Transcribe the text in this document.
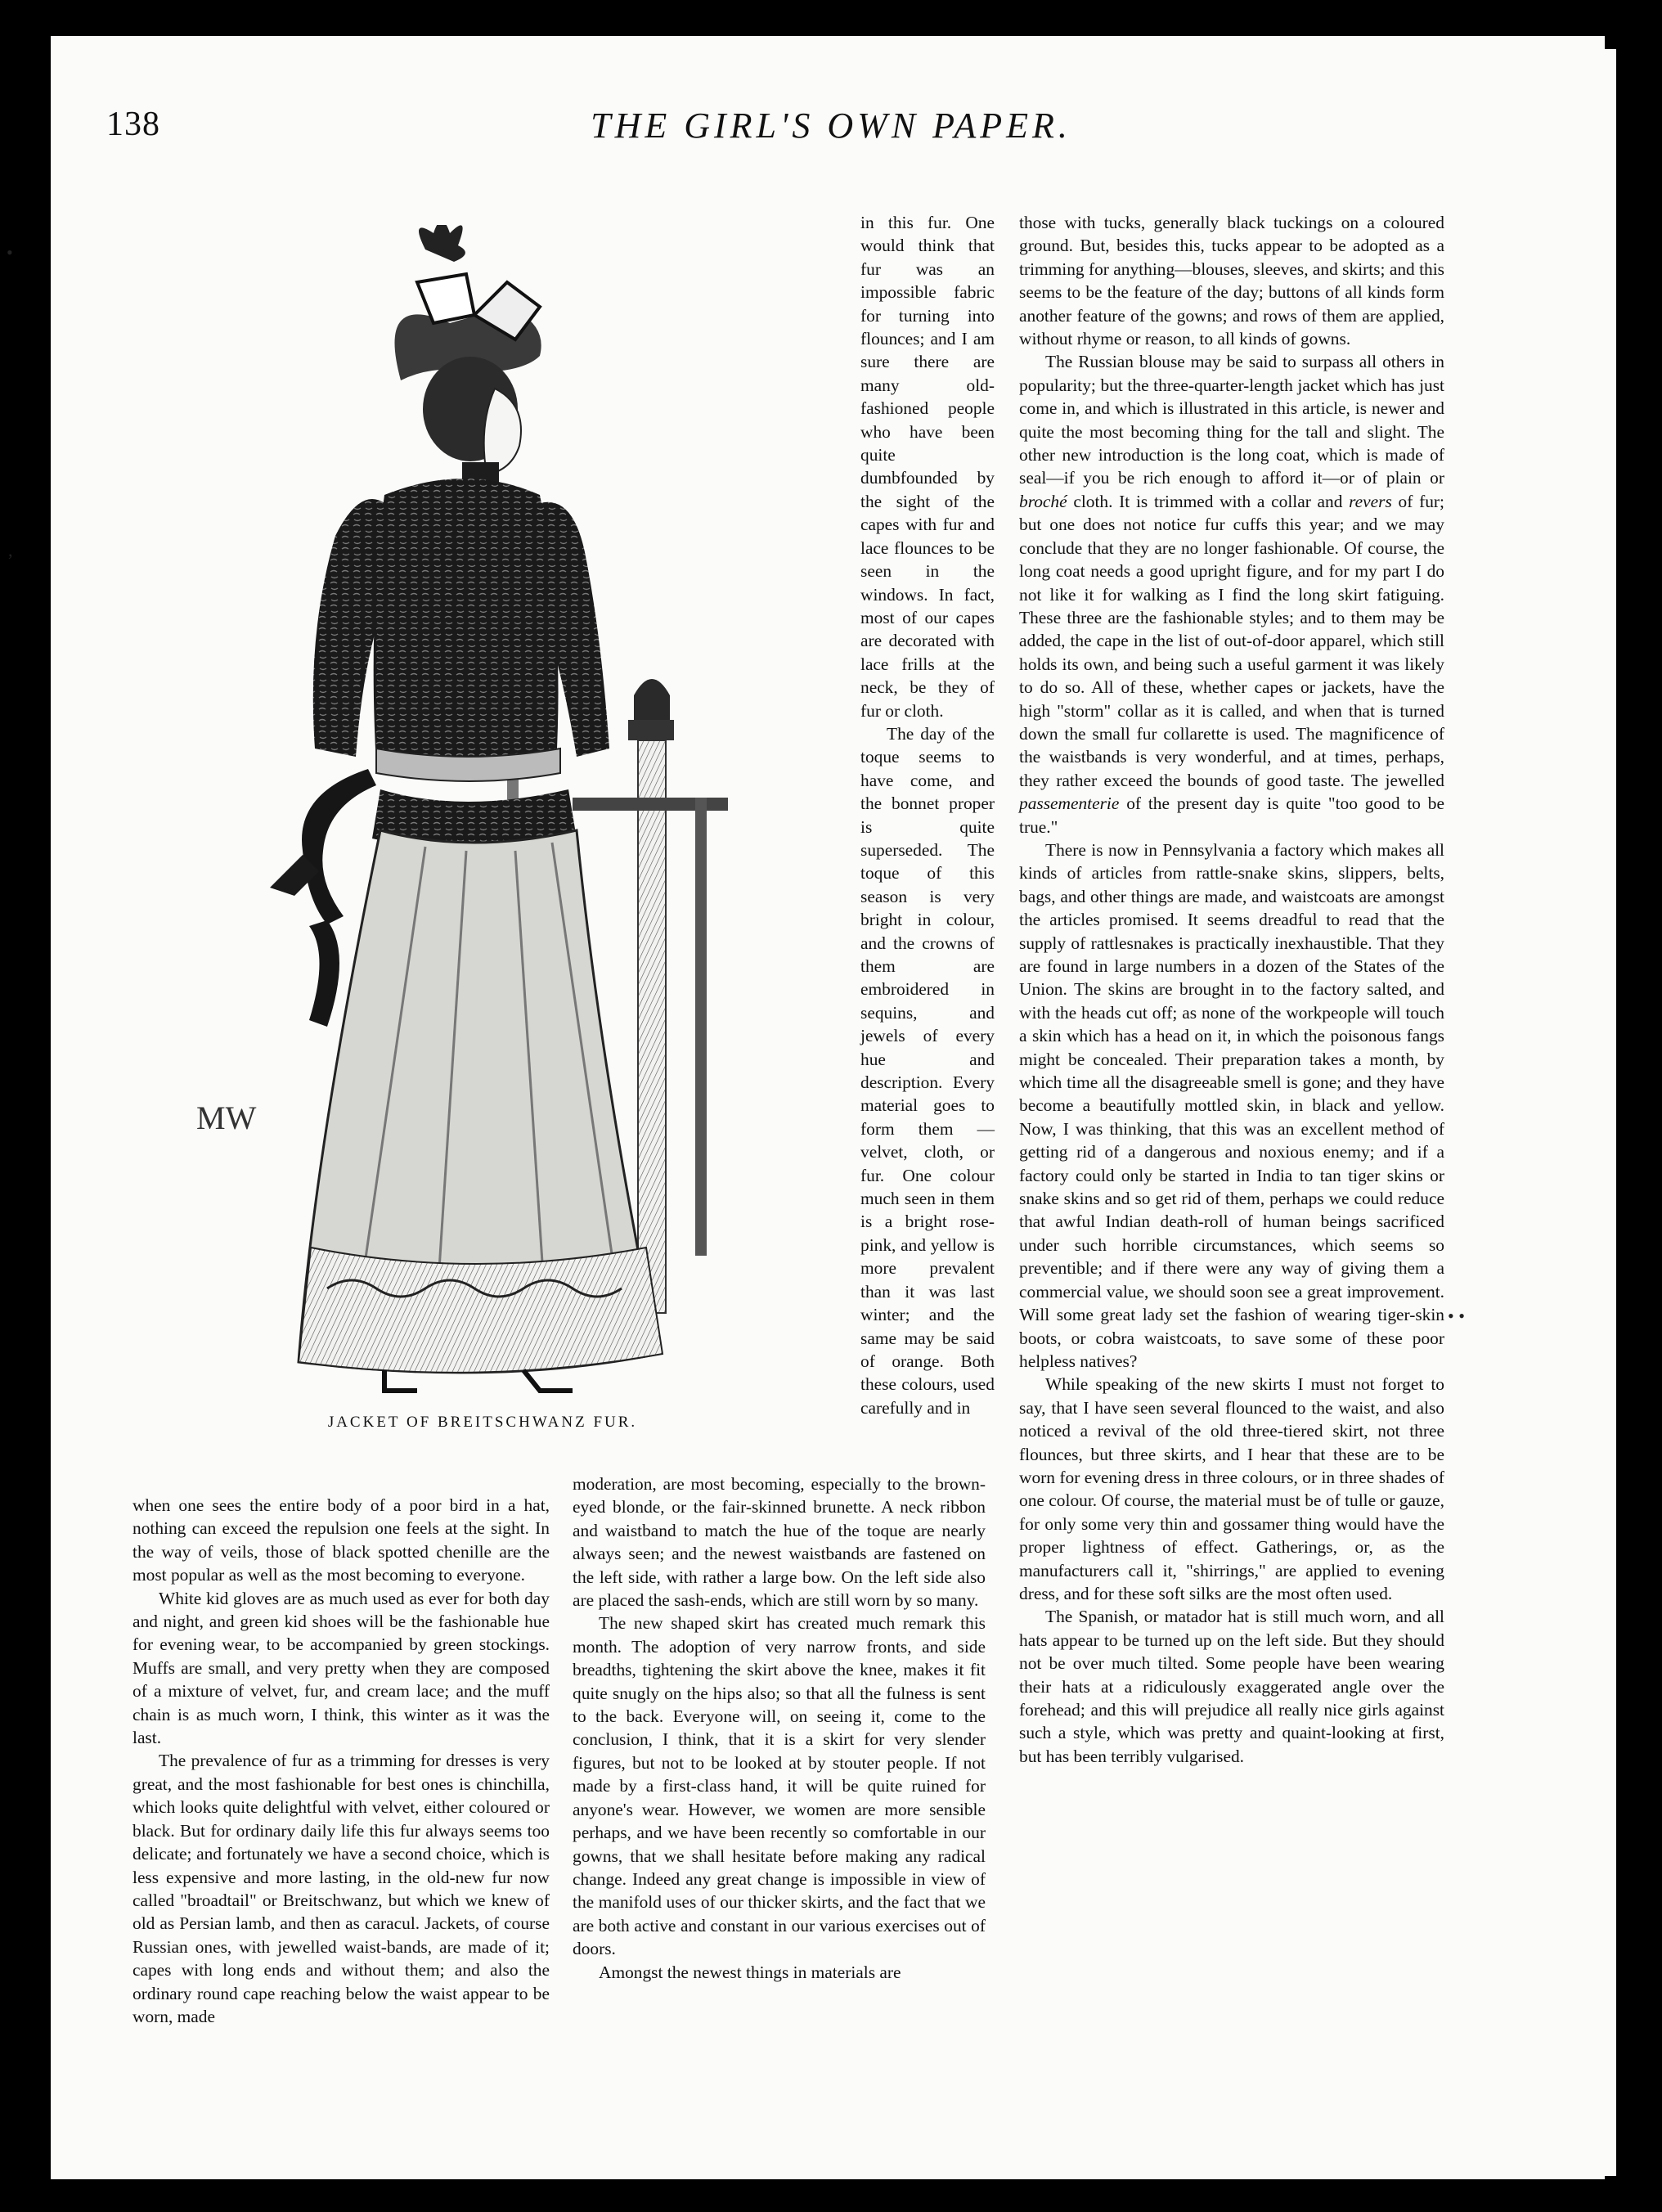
•
,
• •
138	THE GIRL'S OWN PAPER.
MW
JACKET OF BREITSCHWANZ FUR.

in this fur. One would think that fur was an impossible fabric for turning into flounces; and I am sure there are many old-fashioned people who have been quite dumbfounded by the sight of the capes with fur and lace flounces to be seen in the windows. In fact, most of our capes are decorated with lace frills at the neck, be they of fur or cloth.

The day of the toque seems to have come, and the bonnet proper is quite superseded. The toque of this season is very bright in colour, and the crowns of them are embroidered in sequins, and jewels of every hue and description. Every material goes to form them — velvet, cloth, or fur. One colour much seen in them is a bright rose-pink, and yellow is more prevalent than it was last winter; and the same may be said of orange. Both these colours, used carefully and in

those with tucks, generally black tuckings on a coloured ground. But, besides this, tucks appear to be adopted as a trimming for anything—blouses, sleeves, and skirts; and this seems to be the feature of the day; buttons of all kinds form another feature of the gowns; and rows of them are applied, without rhyme or reason, to all kinds of gowns.

The Russian blouse may be said to surpass all others in popularity; but the three-quarter-length jacket which has just come in, and which is illustrated in this article, is newer and quite the most becoming thing for the tall and slight. The other new introduction is the long coat, which is made of seal—if you be rich enough to afford it—or of plain or broché cloth. It is trimmed with a collar and revers of fur; but one does not notice fur cuffs this year; and we may conclude that they are no longer fashionable. Of course, the long coat needs a good upright figure, and for my part I do not like it for walking as I find the long skirt fatiguing. These three are the fashionable styles; and to them may be added, the cape in the list of out-of-door apparel, which still holds its own, and being such a useful garment it was likely to do so. All of these, whether capes or jackets, have the high "storm" collar as it is called, and when that is turned down the small fur collarette is used. The magnificence of the waistbands is very wonderful, and at times, perhaps, they rather exceed the bounds of good taste. The jewelled passementerie of the present day is quite "too good to be true."

There is now in Pennsylvania a factory which makes all kinds of articles from rattle-snake skins, slippers, belts, bags, and other things are made, and waistcoats are amongst the articles promised. It seems dreadful to read that the supply of rattlesnakes is practically inexhaustible. That they are found in large numbers in a dozen of the States of the Union. The skins are brought in to the factory salted, and with the heads cut off; as none of the workpeople will touch a skin which has a head on it, in which the poisonous fangs might be concealed. Their preparation takes a month, by which time all the disagreeable smell is gone; and they have become a beautifully mottled skin, in black and yellow. Now, I was thinking, that this was an excellent method of getting rid of a dangerous and noxious enemy; and if a factory could only be started in India to tan tiger skins or snake skins and so get rid of them, perhaps we could reduce that awful Indian death-roll of human beings sacrificed under such horrible circumstances, which seems so preventible; and if there were any way of giving them a commercial value, we should soon see a great improvement. Will some great lady set the fashion of wearing tiger-skin boots, or cobra waistcoats, to save some of these poor helpless natives?

While speaking of the new skirts I must not forget to say, that I have seen several flounced to the waist, and also noticed a revival of the old three-tiered skirt, not three flounces, but three skirts, and I hear that these are to be worn for evening dress in three colours, or in three shades of one colour. Of course, the material must be of tulle or gauze, for only some very thin and gossamer thing would have the proper lightness of effect. Gatherings, or, as the manufacturers call it, "shirrings," are applied to evening dress, and for these soft silks are the most often used.

The Spanish, or matador hat is still much worn, and all hats appear to be turned up on the left side. But they should not be over much tilted. Some people have been wearing their hats at a ridiculously exaggerated angle over the forehead; and this will prejudice all really nice girls against such a style, which was pretty and quaint-looking at first, but has been terribly vulgarised.

when one sees the entire body of a poor bird in a hat, nothing can exceed the repulsion one feels at the sight. In the way of veils, those of black spotted chenille are the most popular as well as the most becoming to everyone.

White kid gloves are as much used as ever for both day and night, and green kid shoes will be the fashionable hue for evening wear, to be accompanied by green stockings. Muffs are small, and very pretty when they are composed of a mixture of velvet, fur, and cream lace; and the muff chain is as much worn, I think, this winter as it was the last.

The prevalence of fur as a trimming for dresses is very great, and the most fashionable for best ones is chinchilla, which looks quite delightful with velvet, either coloured or black. But for ordinary daily life this fur always seems too delicate; and fortunately we have a second choice, which is less expensive and more lasting, in the old-new fur now called "broadtail" or Breitschwanz, but which we knew of old as Persian lamb, and then as caracul. Jackets, of course Russian ones, with jewelled waist-bands, are made of it; capes with long ends and without them; and also the ordinary round cape reaching below the waist appear to be worn, made

moderation, are most becoming, especially to the brown-eyed blonde, or the fair-skinned brunette. A neck ribbon and waistband to match the hue of the toque are nearly always seen; and the newest waistbands are fastened on the left side, with rather a large bow. On the left side also are placed the sash-ends, which are still worn by so many.

The new shaped skirt has created much remark this month. The adoption of very narrow fronts, and side breadths, tightening the skirt above the knee, makes it fit quite snugly on the hips also; so that all the fulness is sent to the back. Everyone will, on seeing it, come to the conclusion, I think, that it is a skirt for very slender figures, but not to be looked at by stouter people. If not made by a first-class hand, it will be quite ruined for anyone's wear. However, we women are more sensible perhaps, and we have been recently so comfortable in our gowns, that we shall hesitate before making any radical change. Indeed any great change is impossible in view of the manifold uses of our thicker skirts, and the fact that we are both active and constant in our various exercises out of doors.

Amongst the newest things in materials are
